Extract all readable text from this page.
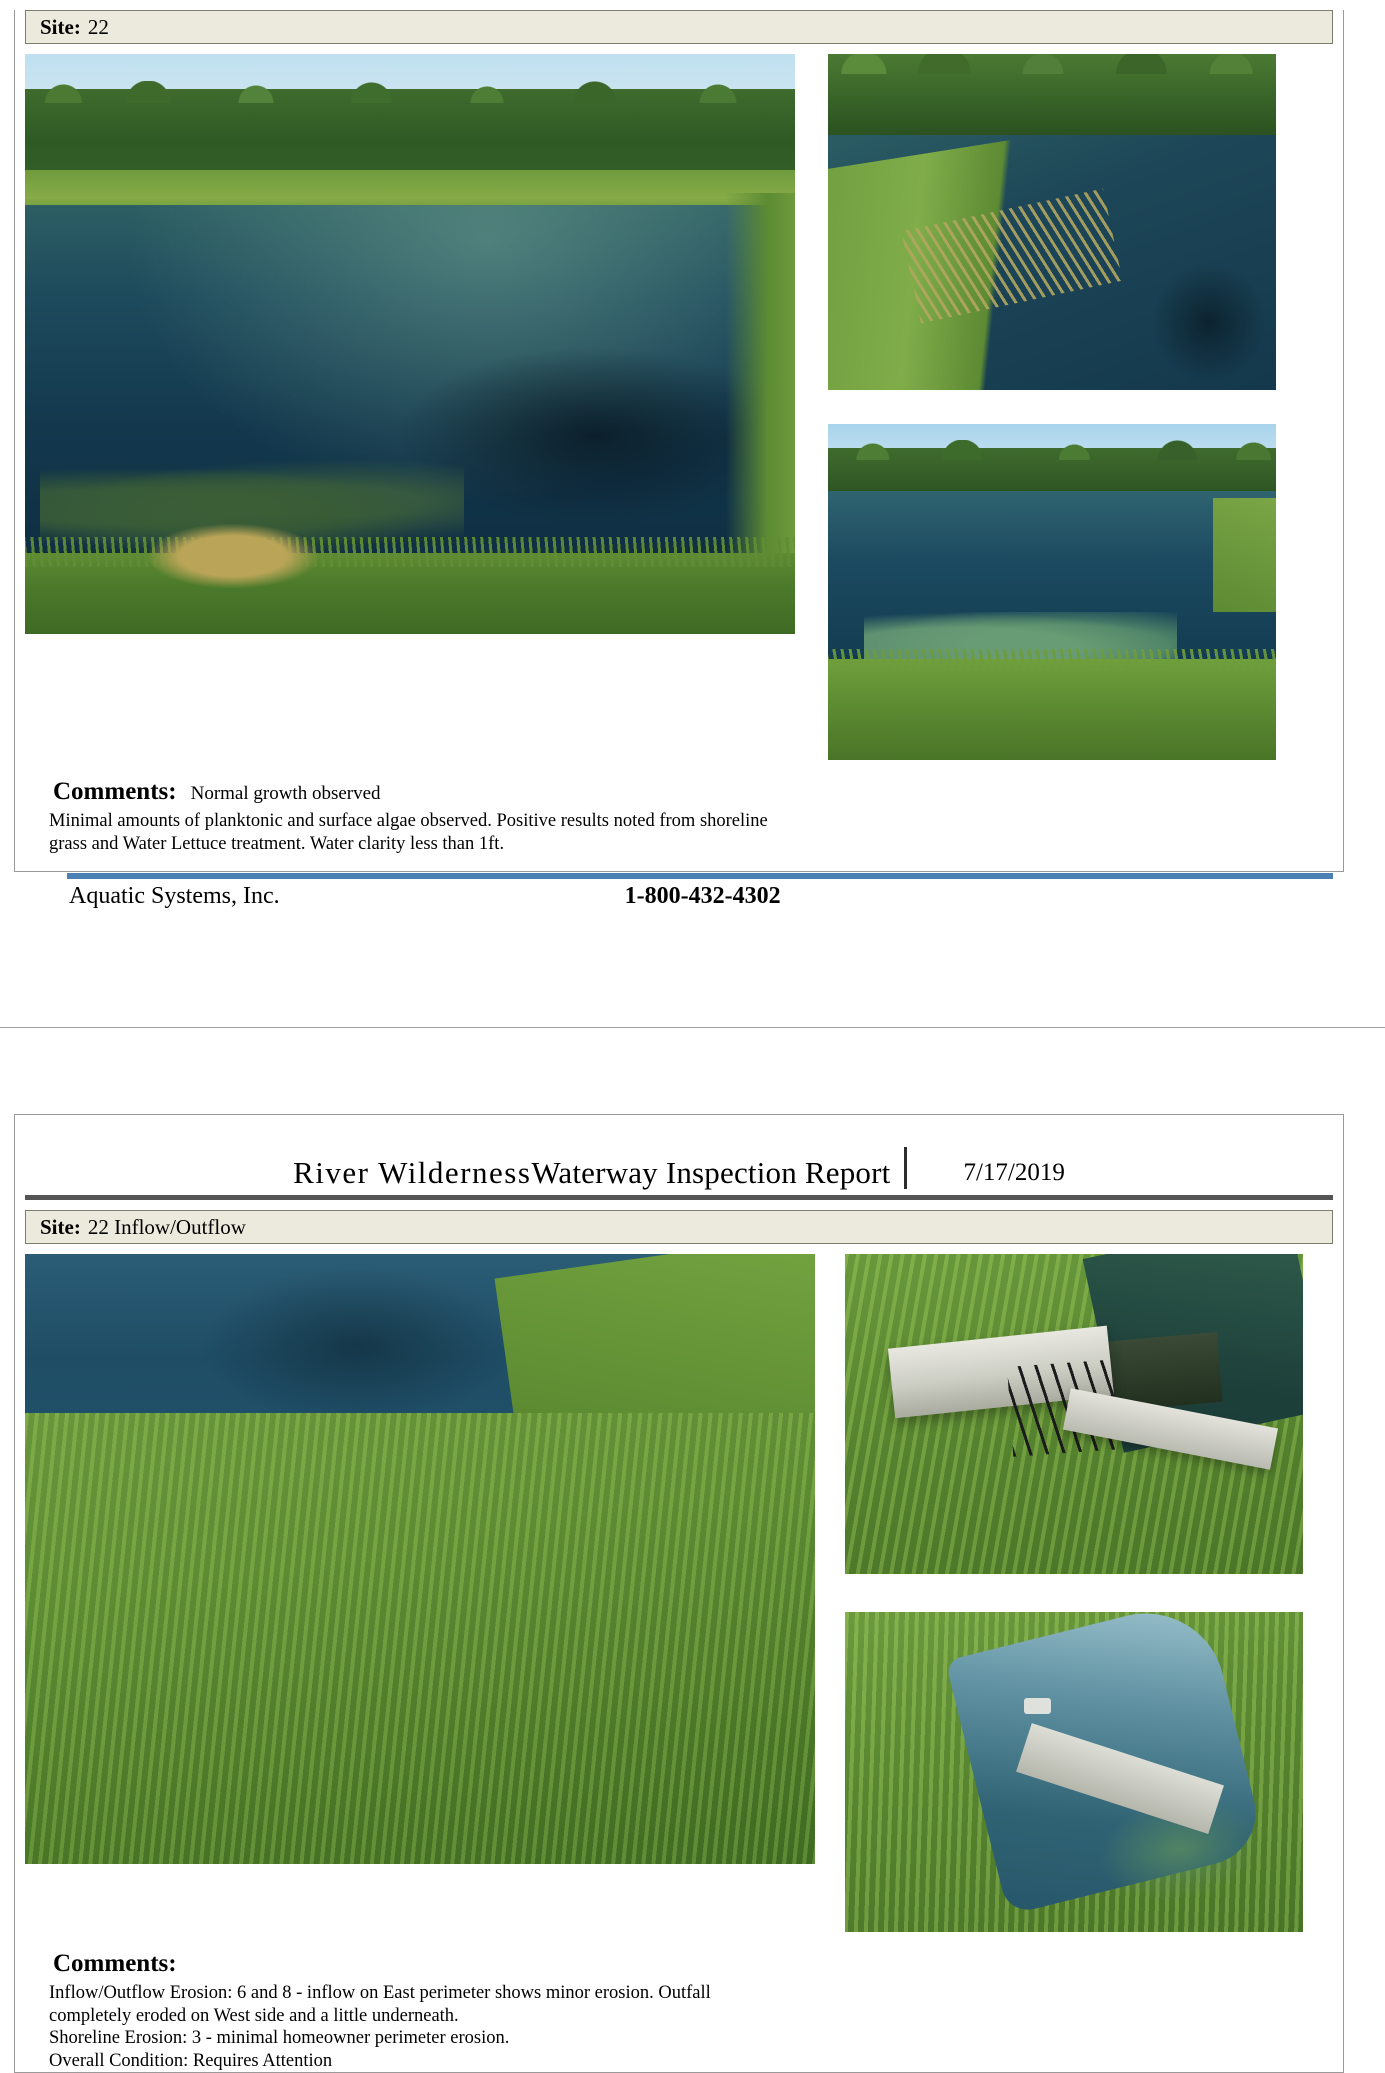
Site: 22
Comments: Normal growth observed
Minimal amounts of planktonic and surface algae observed. Positive results noted from shoreline
grass and Water Lettuce treatment. Water clarity less than 1ft.
Aquatic Systems, Inc.	1-800-432-4302
River WildernessWaterway Inspection Report	7/17/2019
Site: 22 Inflow/Outflow
Comments:
Inflow/Outflow Erosion: 6 and 8 - inflow on East perimeter shows minor erosion. Outfall
completely eroded on West side and a little underneath.
Shoreline Erosion: 3 - minimal homeowner perimeter erosion.
Overall Condition: Requires Attention
